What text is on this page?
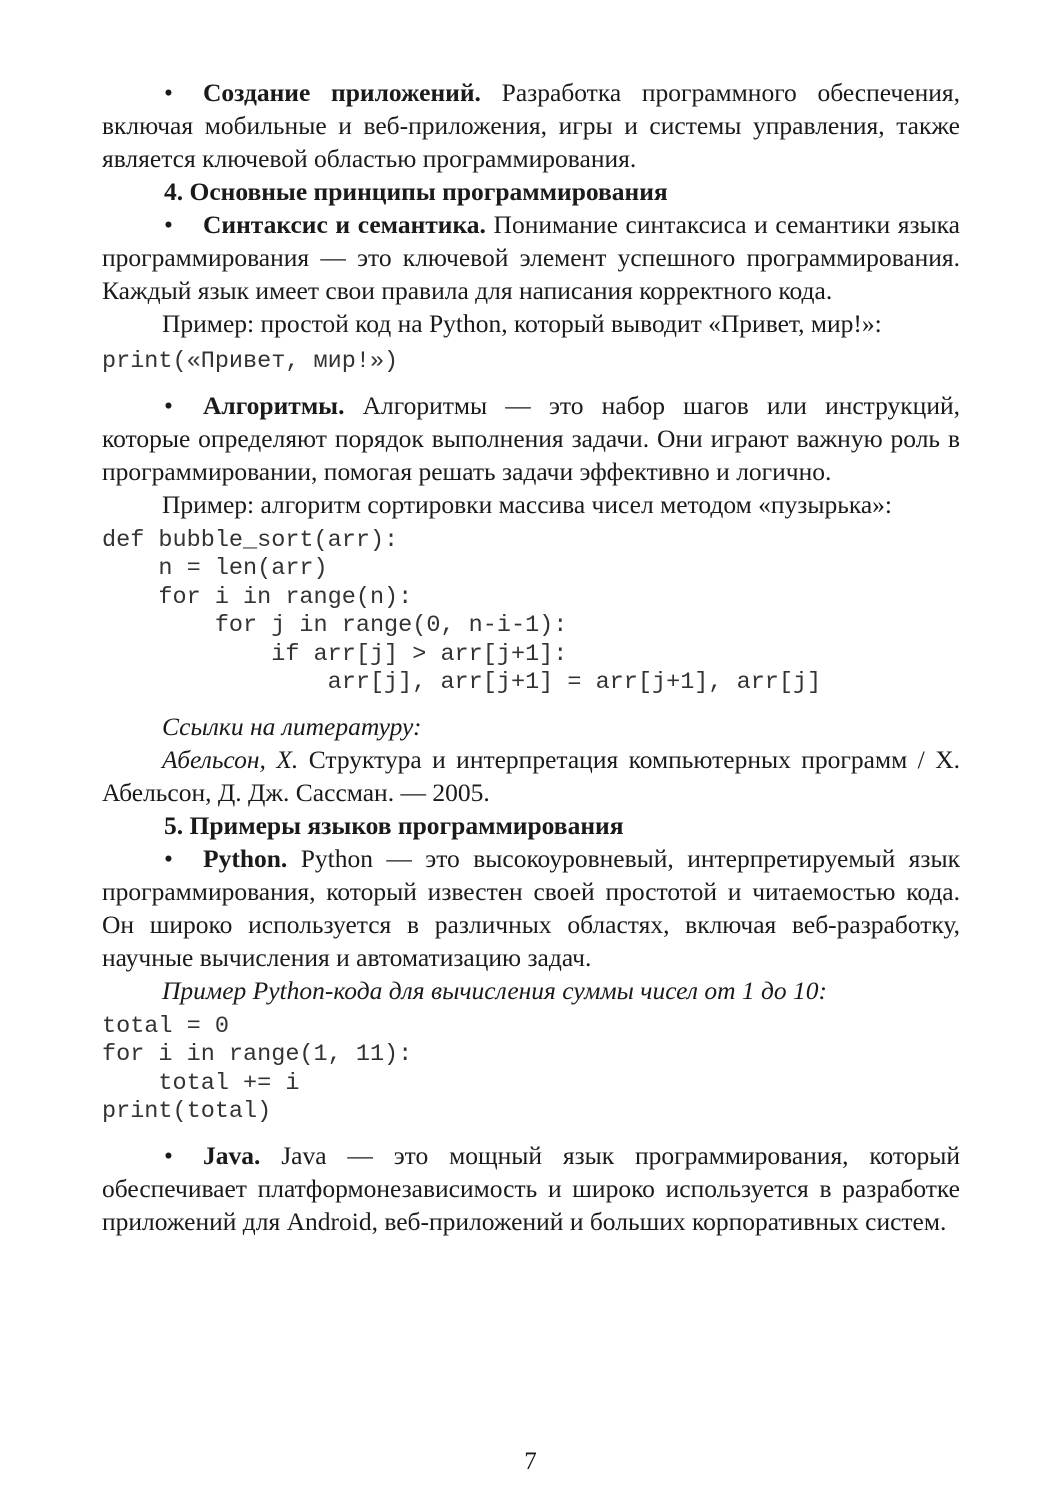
• Создание приложений. Разработка программного обеспечения, включая мобильные и веб-приложения, игры и системы управления, также является ключевой областью программирования.

4. Основные принципы программирования

• Синтаксис и семантика. Понимание синтаксиса и семантики языка программирования — это ключевой элемент успешного программирования. Каждый язык имеет свои правила для написания корректного кода.

Пример: простой код на Python, который выводит «Привет, мир!»:

print(«Привет, мир!»)

• Алгоритмы. Алгоритмы — это набор шагов или инструкций, которые определяют порядок выполнения задачи. Они играют важную роль в программировании, помогая решать задачи эффективно и логично.

Пример: алгоритм сортировки массива чисел методом «пузырька»:

def bubble_sort(arr):
n = len(arr)
for i in range(n):
for j in range(0, n-i-1):
if arr[j] > arr[j+1]:
arr[j], arr[j+1] = arr[j+1], arr[j]

Ссылки на литературу:

Абельсон, Х. Структура и интерпретация компьютерных программ / Х. Абельсон, Д. Дж. Сассман. — 2005.

5. Примеры языков программирования

• Python. Python — это высокоуровневый, интерпретируемый язык программирования, который известен своей простотой и читаемостью кода. Он широко используется в различных областях, включая веб-разработку, научные вычисления и автоматизацию задач.

Пример Python-кода для вычисления суммы чисел от 1 до 10:

total = 0
for i in range(1, 11):
total += i
print(total)

• Java. Java — это мощный язык программирования, который обеспечивает платформонезависимость и широко используется в разработке приложений для Android, веб-приложений и больших корпоративных систем.

7
